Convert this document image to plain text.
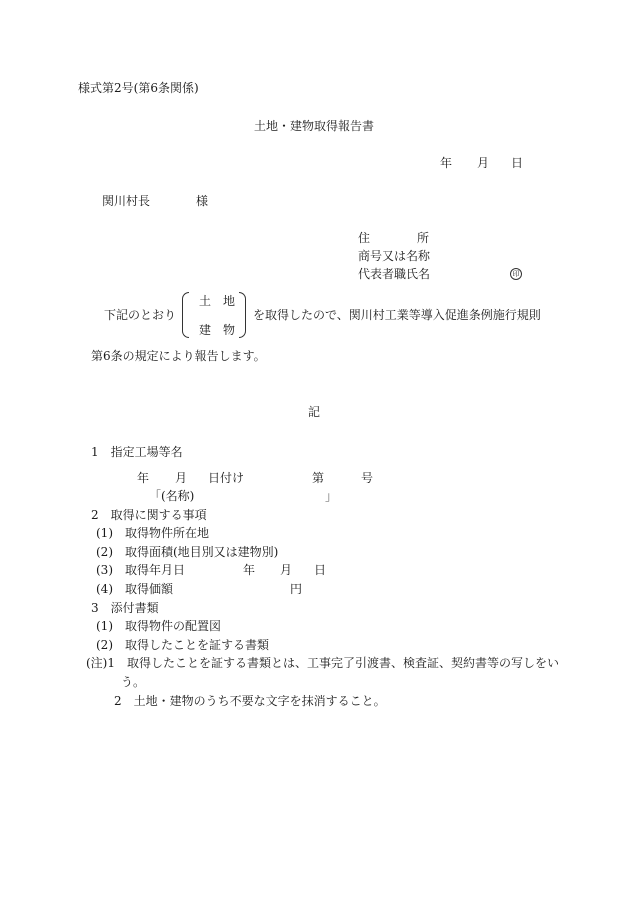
様式第2号(第6条関係)
土地・建物取得報告書
年 月 日
関川村長	様
住	所
商号又は名称
代表者職氏名	印
下記のとおり
土　地
建　物
を取得したので、関川村工業等導入促進条例施行規則
第6条の規定により報告します。
記
1　指定工場等名
年 月 日付け	第	号
「(名称)	」
2　取得に関する事項
(1)　取得物件所在地
(2)　取得面積(地目別又は建物別)
(3)　取得年月日	年 月 日
(4)　取得価額	円
3　添付書類
(1)　取得物件の配置図
(2)　取得したことを証する書類
(注)1　取得したことを証する書類とは、工事完了引渡書、検査証、契約書等の写しをい
う。
2　土地・建物のうち不要な文字を抹消すること。
